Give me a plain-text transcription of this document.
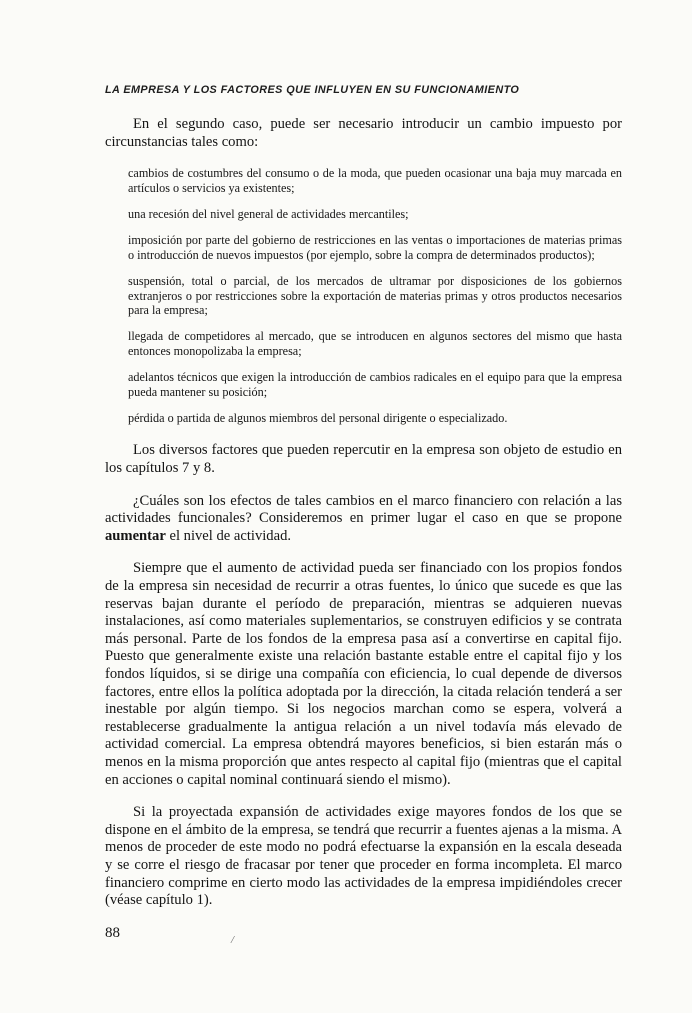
LA EMPRESA Y LOS FACTORES QUE INFLUYEN EN SU FUNCIONAMIENTO

En el segundo caso, puede ser necesario introducir un cambio impuesto por circunstancias tales como:

cambios de costumbres del consumo o de la moda, que pueden ocasionar una baja muy marcada en artículos o servicios ya existentes;

una recesión del nivel general de actividades mercantiles;

imposición por parte del gobierno de restricciones en las ventas o importaciones de materias primas o introducción de nuevos impuestos (por ejemplo, sobre la compra de determinados productos);

suspensión, total o parcial, de los mercados de ultramar por disposiciones de los gobiernos extranjeros o por restricciones sobre la exportación de materias primas y otros productos necesarios para la empresa;

llegada de competidores al mercado, que se introducen en algunos sectores del mismo que hasta entonces monopolizaba la empresa;

adelantos técnicos que exigen la introducción de cambios radicales en el equipo para que la empresa pueda mantener su posición;

pérdida o partida de algunos miembros del personal dirigente o especializado.

Los diversos factores que pueden repercutir en la empresa son objeto de estudio en los capítulos 7 y 8.

¿Cuáles son los efectos de tales cambios en el marco financiero con relación a las actividades funcionales? Consideremos en primer lugar el caso en que se propone aumentar el nivel de actividad.

Siempre que el aumento de actividad pueda ser financiado con los propios fondos de la empresa sin necesidad de recurrir a otras fuentes, lo único que sucede es que las reservas bajan durante el período de preparación, mientras se adquieren nuevas instalaciones, así como materiales suplementarios, se construyen edificios y se contrata más personal. Parte de los fondos de la empresa pasa así a convertirse en capital fijo. Puesto que generalmente existe una relación bastante estable entre el capital fijo y los fondos líquidos, si se dirige una compañía con eficiencia, lo cual depende de diversos factores, entre ellos la política adoptada por la dirección, la citada relación tenderá a ser inestable por algún tiempo. Si los negocios marchan como se espera, volverá a restablecerse gradualmente la antigua relación a un nivel todavía más elevado de actividad comercial. La empresa obtendrá mayores beneficios, si bien estarán más o menos en la misma proporción que antes respecto al capital fijo (mientras que el capital en acciones o capital nominal continuará siendo el mismo).

Si la proyectada expansión de actividades exige mayores fondos de los que se dispone en el ámbito de la empresa, se tendrá que recurrir a fuentes ajenas a la misma. A menos de proceder de este modo no podrá efectuarse la expansión en la escala deseada y se corre el riesgo de fracasar por tener que proceder en forma incompleta. El marco financiero comprime en cierto modo las actividades de la empresa impidiéndoles crecer (véase capítulo 1).

88	/
